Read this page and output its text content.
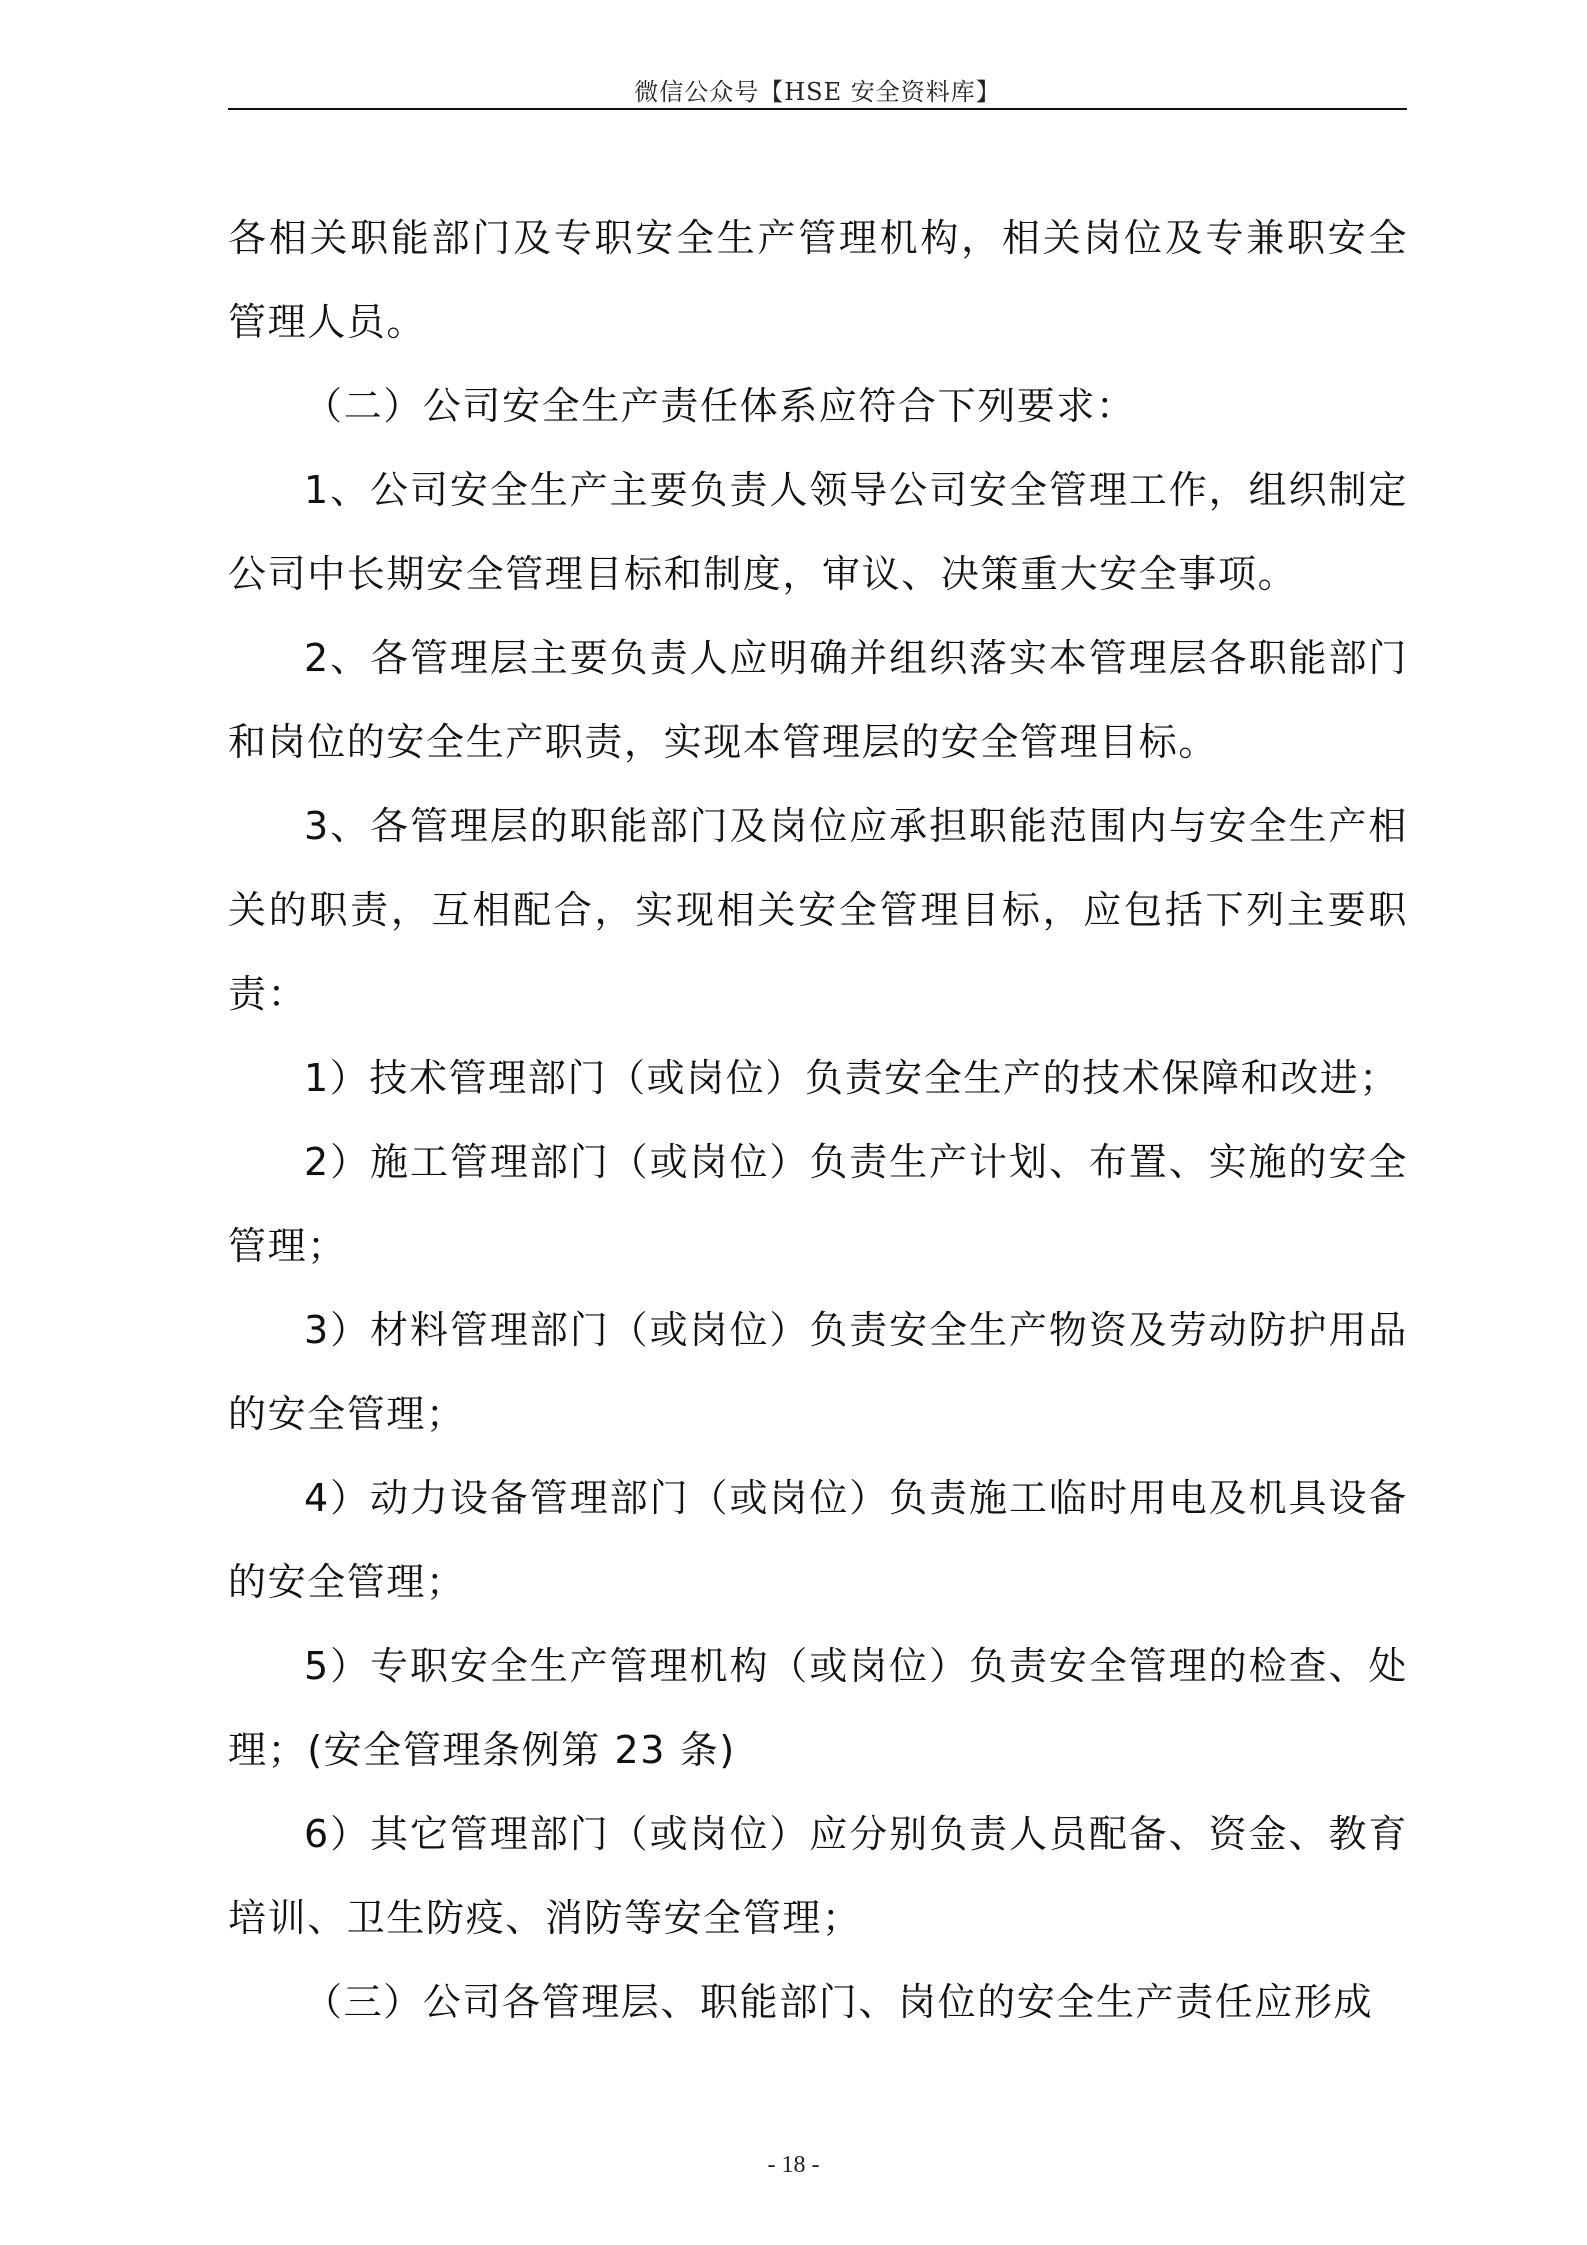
微信公众号【HSE 安全资料库】

各相关职能部门及专职安全生产管理机构，相关岗位及专兼职安全管理人员。

（二）公司安全生产责任体系应符合下列要求：

1、公司安全生产主要负责人领导公司安全管理工作，组织制定公司中长期安全管理目标和制度，审议、决策重大安全事项。

2、各管理层主要负责人应明确并组织落实本管理层各职能部门和岗位的安全生产职责，实现本管理层的安全管理目标。

3、各管理层的职能部门及岗位应承担职能范围内与安全生产相关的职责，互相配合，实现相关安全管理目标，应包括下列主要职责：

1）技术管理部门（或岗位）负责安全生产的技术保障和改进；

2）施工管理部门（或岗位）负责生产计划、布置、实施的安全管理；

3）材料管理部门（或岗位）负责安全生产物资及劳动防护用品的安全管理；

4）动力设备管理部门（或岗位）负责施工临时用电及机具设备的安全管理；

5）专职安全生产管理机构（或岗位）负责安全管理的检查、处理；(安全管理条例第 23 条)

6）其它管理部门（或岗位）应分别负责人员配备、资金、教育培训、卫生防疫、消防等安全管理；

（三）公司各管理层、职能部门、岗位的安全生产责任应形成

- 18 -
